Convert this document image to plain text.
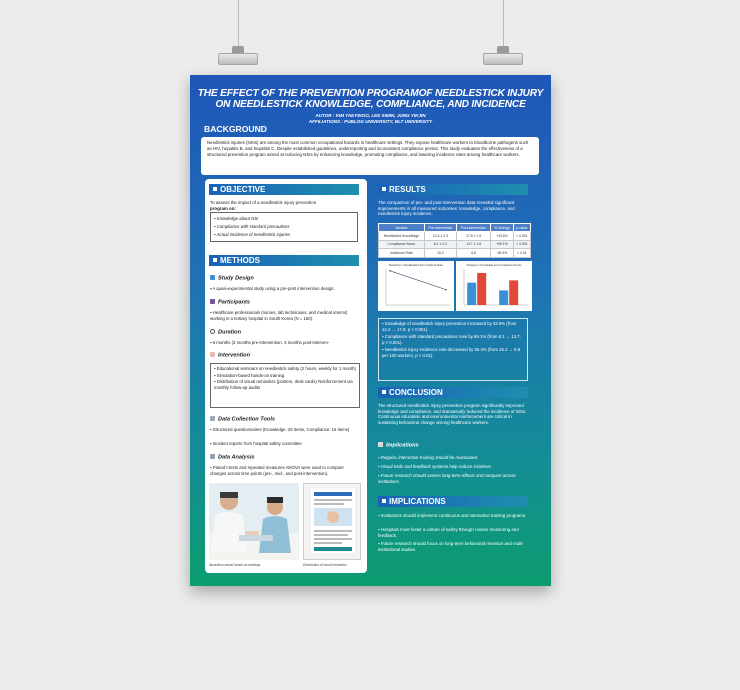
THE EFFECT OF THE PREVENTION PROGRAMOF NEEDLESTICK INJURY
ON NEEDLESTICK KNOWLEDGE, COMPLIANCE, AND INCIDENCE
AUTOR : KIM TAEYWOO, LEE SIMIN, JUNG YIKJIN
AFFILIATIONS : PUBLOG UNIVERSITY, BLT UNIVERSITY
BACKGROUND
Needlestick injuries (NSIs) are among the most common occupational hazards in healthcare settings. They expose healthcare workers to bloodborne pathogens such as HIV, hepatitis B, and hepatitis C. Despite established guidelines, underreporting and inconsistent compliance persist. This study evaluates the effectiveness of a structured prevention program aimed at reducing NSIs by enhancing knowledge, promoting compliance, and lowering incidence rates among healthcare workers.
OBJECTIVE
To assess the impact of a needlestick injury prevention
program on:
▪ Knowledge about NSI
▪ Compliance with standard precautions
▪ Actual incidence of needlestick injuries
METHODS
Study Design
▪ A quasi-experimental study using a pre-post intervention design.
Participants
▪ Healthcare professionals (nurses, lab technicians, and medical interns) working in a tertiary hospital in South Korea (N = 150).
Duration
▪ 6 months (3 months pre-intervention, 3 months post-interven-
Intervention
▪ Educational seminars on needlestick safety (2 hours, weekly for 1 month)
▪ Simulation-based hands-on training
▪ Distribution of visual reminders (posters, desk cards) Reinforcement via monthly follow-up audits
Data Collection Tools
▪ Structured questionnaires (Knowledge: 20 items, Compliance: 15 items)
▪ Incident reports from hospital safety committee
Data Analysis
▪ Paired t-tests and repeated measures ANOVA were used to compare changes across time points (pre-, mid-, and post-intervention).
Illustration-based hands-on trainings	Distribution of visual reminders
RESULTS
The comparison of pre- and post-intervention data revealed significant improvements in all measured outcomes: knowledge, compliance, and needlestick injury incidence.
Variable	Pre-intervention	Post-intervention	% Change	p-value
Needlestick Knowledge	12.4 ± 2.3	17.8 ± 1.9	+43.5%	< 0.001
Compliance Score	8.1 ± 2.0	13.7 ± 1.8	+69.1%	< 0.001
Incidence Rate	15.2	6.8	-55.3%	< 0.01
Reduction in Needlestick Injury Incidence Rate	Changes in Knowledge and Compliance Scores
▪ Knowledge of needlestick injury prevention increased by 43.5% (from 12.4 → 17.8, p < 0.001).
▪ Compliance with standard precautions rose by 69.1% (from 8.1 → 13.7, p < 0.001).
▪ Needlestick injury incidence rate decreased by 55.3% (from 15.2 → 6.8 per 100 workers, p < 0.01).
CONCLUSION
The structured needlestick injury prevention program significantly improved knowledge and compliance, and dramatically reduced the incidence of NSIs. Continuous education and environmental reinforcement are critical in sustaining behavioral change among healthcare workers.
Implications
▪ Regular, interactive training should be maintained.
▪ Visual tools and feedback systems help reduce incidents.
▪ Future research should assess long-term effects and compare across institutions.
IMPLICATIONS
▪ Institutions should implement continuous and interactive training programs.
▪ Hospitals must foster a culture of safety through routine monitoring and feedback.
▪ Future research should focus on long-term behavioral retention and multi-institutional studies.
